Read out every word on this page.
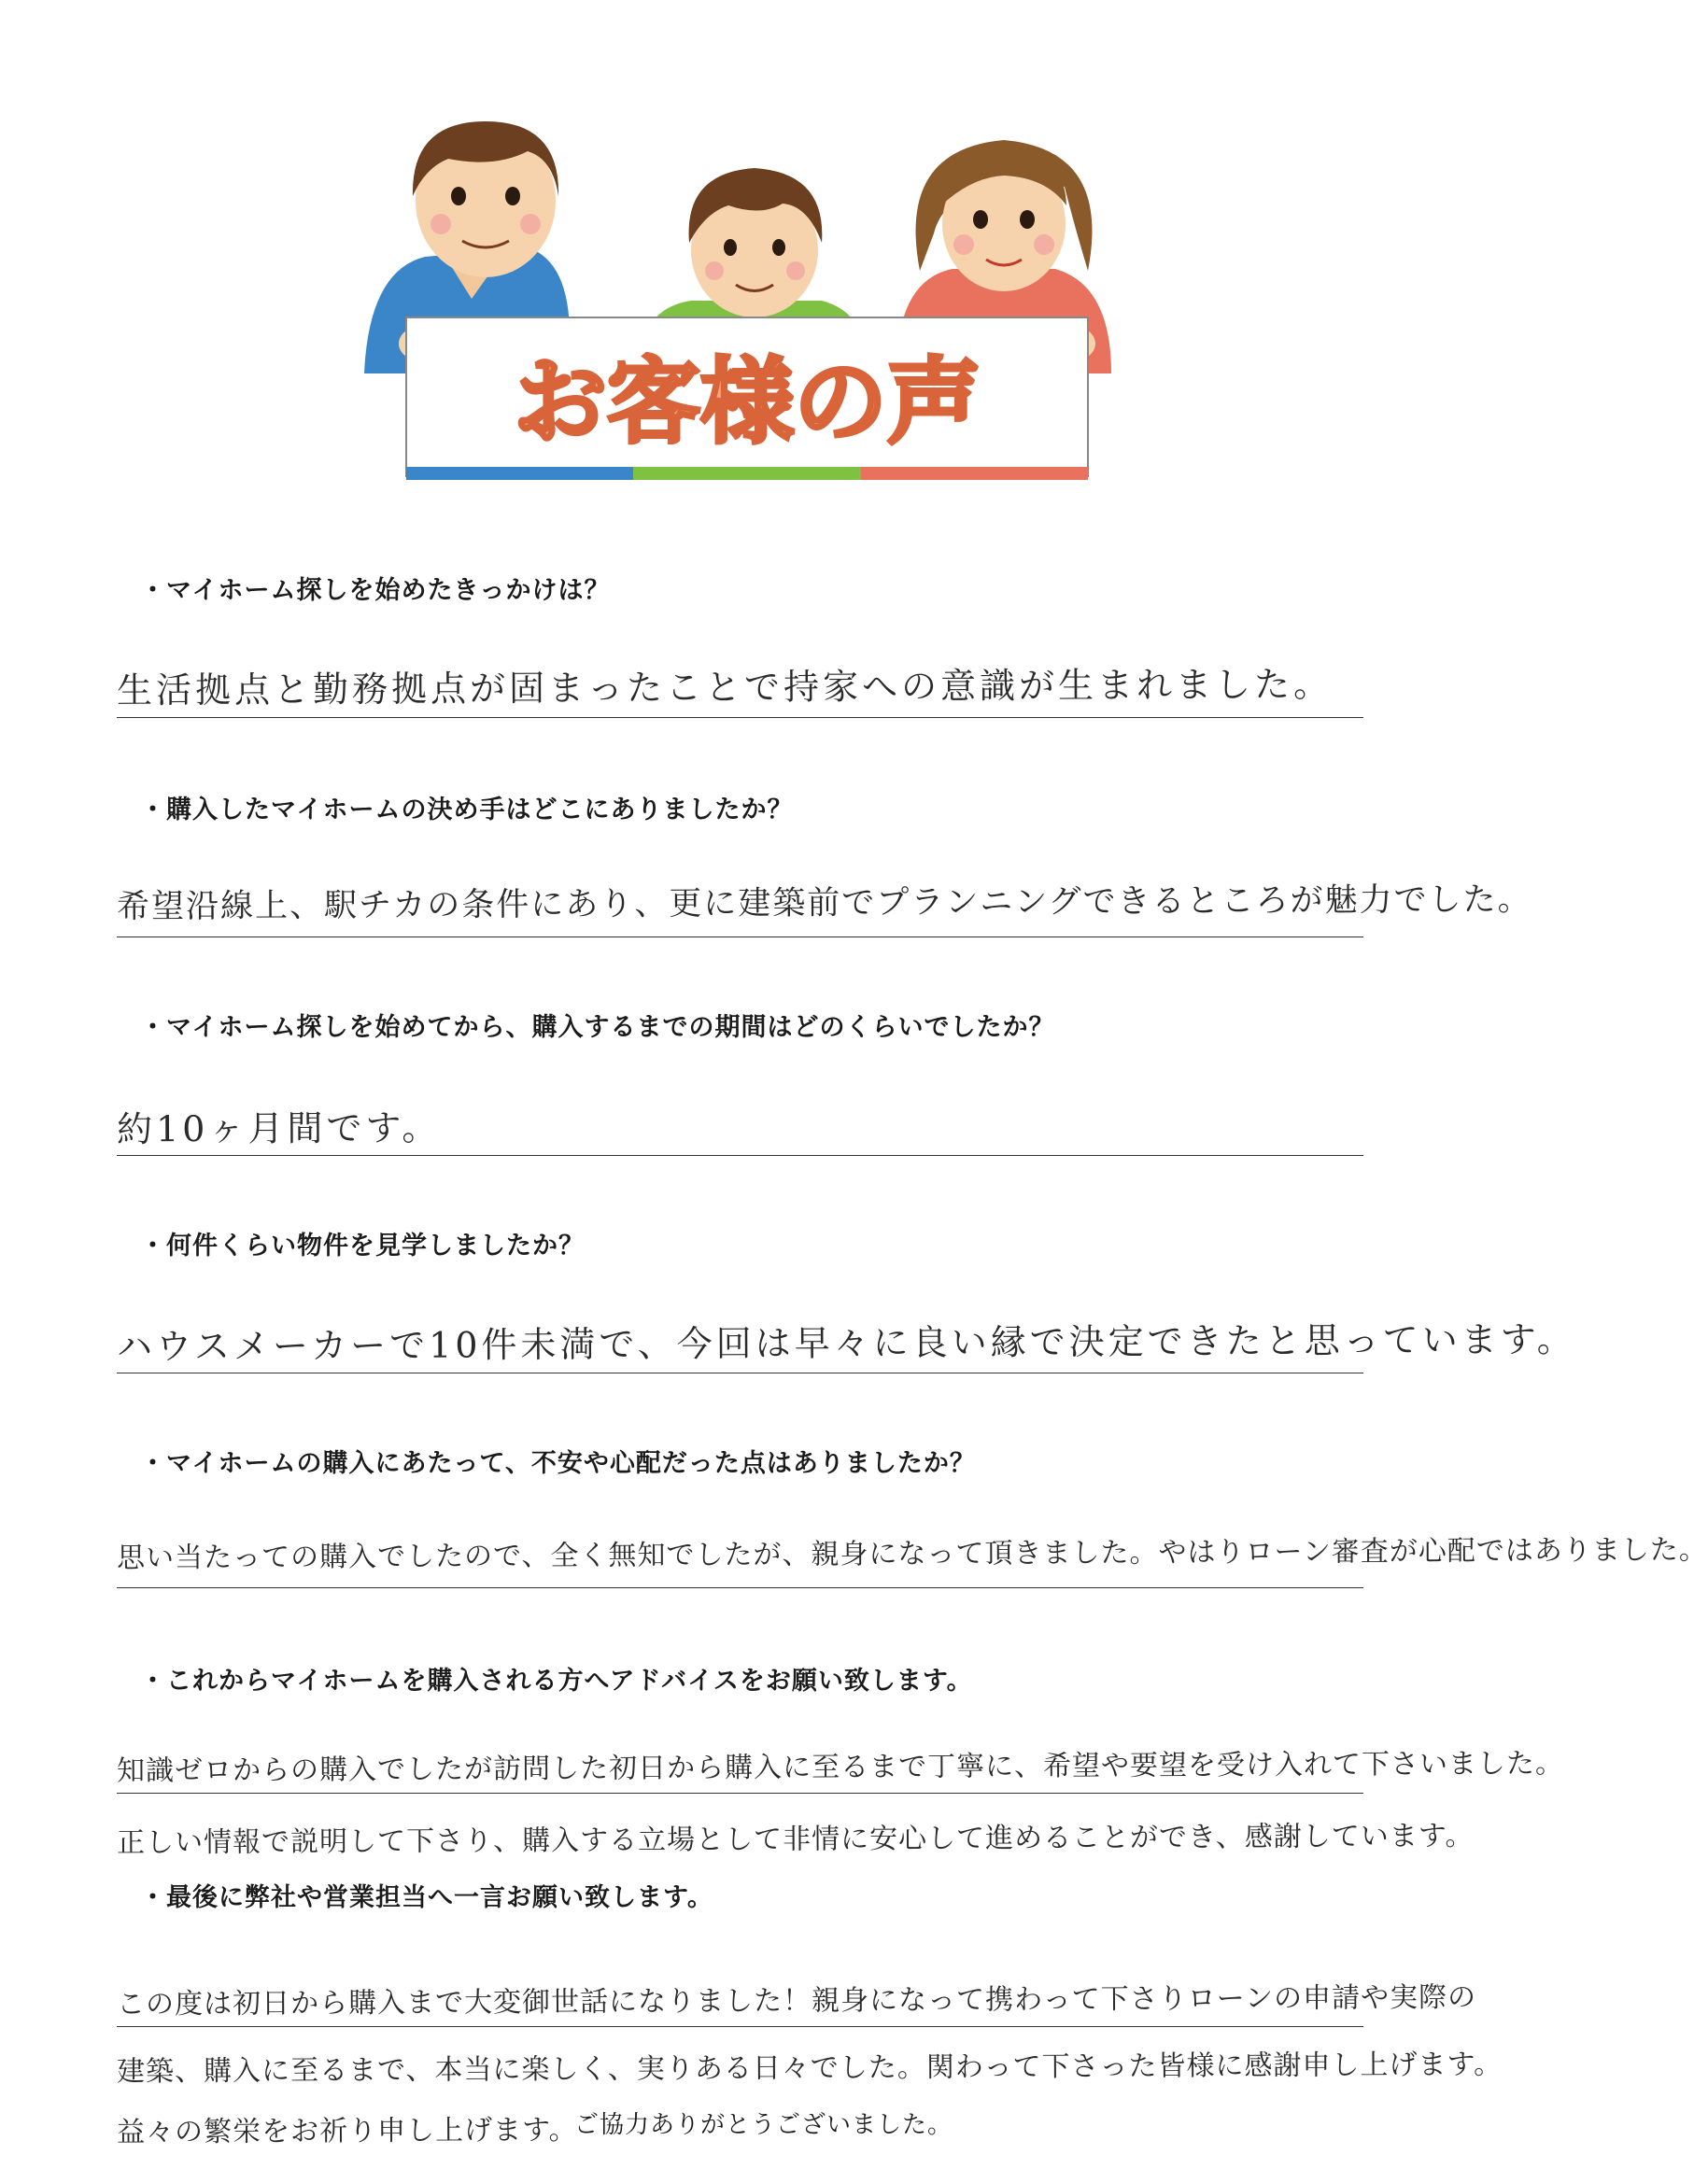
お客様の声
・マイホーム探しを始めたきっかけは？
生活拠点と勤務拠点が固まったことで持家への意識が生まれました。
・購入したマイホームの決め手はどこにありましたか？
希望沿線上、駅チカの条件にあり、更に建築前でプランニングできるところが魅力でした。
・マイホーム探しを始めてから、購入するまでの期間はどのくらいでしたか？
約10ヶ月間です。
・何件くらい物件を見学しましたか？
ハウスメーカーで10件未満で、今回は早々に良い縁で決定できたと思っています。
・マイホームの購入にあたって、不安や心配だった点はありましたか？
思い当たっての購入でしたので、全く無知でしたが、親身になって頂きました。やはりローン審査が心配ではありました。
・これからマイホームを購入される方へアドバイスをお願い致します。
知識ゼロからの購入でしたが訪問した初日から購入に至るまで丁寧に、希望や要望を受け入れて下さいました。
正しい情報で説明して下さり、購入する立場として非情に安心して進めることができ、感謝しています。
・最後に弊社や営業担当へ一言お願い致します。
この度は初日から購入まで大変御世話になりました！親身になって携わって下さりローンの申請や実際の
建築、購入に至るまで、本当に楽しく、実りある日々でした。関わって下さった皆様に感謝申し上げます。
益々の繁栄をお祈り申し上げます。
ご協力ありがとうございました。
